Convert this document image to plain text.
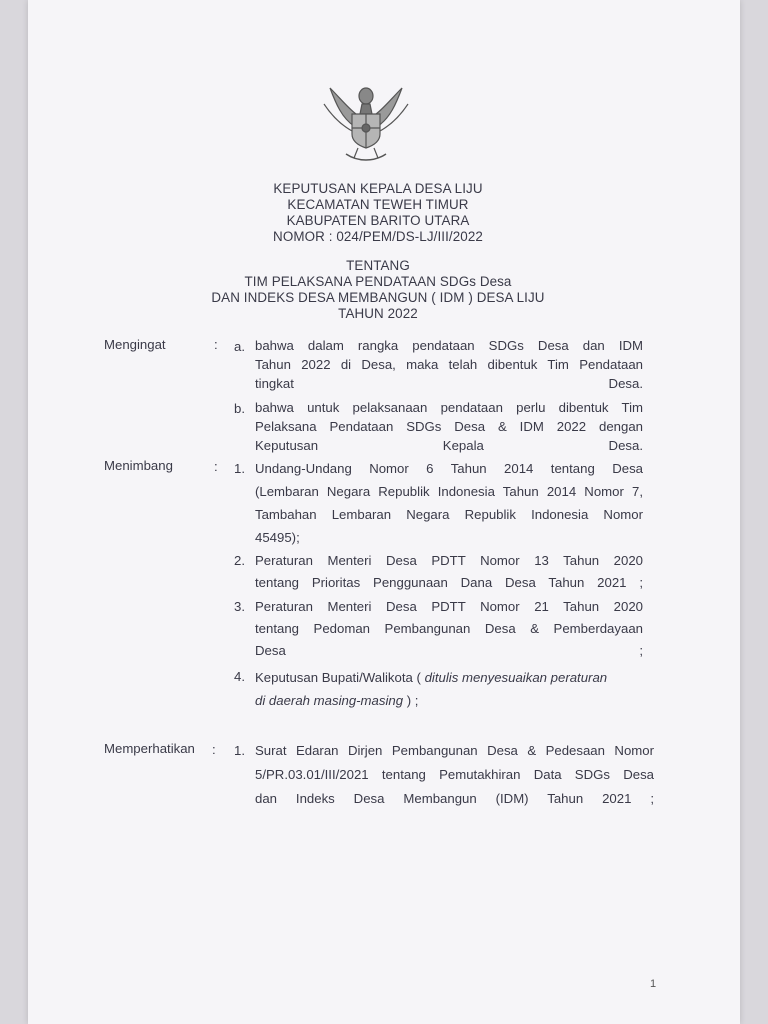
KEPUTUSAN KEPALA DESA LIJU
KECAMATAN TEWEH TIMUR
KABUPATEN BARITO UTARA
NOMOR : 024/PEM/DS-LJ/III/2022
TENTANG
TIM PELAKSANA PENDATAAN SDGs Desa
DAN INDEKS DESA MEMBANGUN ( IDM ) DESA LIJU
TAHUN 2022
Mengingat	: a. bahwa dalam rangka pendataan SDGs Desa dan IDM
Tahun 2022 di Desa, maka telah dibentuk Tim Pendataan
tingkat Desa.
b. bahwa untuk pelaksanaan pendataan perlu dibentuk Tim
Pelaksana Pendataan SDGs Desa & IDM 2022 dengan
Keputusan Kepala Desa.
Menimbang	: 1. Undang-Undang Nomor 6 Tahun 2014 tentang Desa
(Lembaran Negara Republik Indonesia Tahun 2014 Nomor 7,
Tambahan Lembaran Negara Republik Indonesia Nomor
45495);
2. Peraturan Menteri Desa PDTT Nomor 13 Tahun 2020
tentang Prioritas Penggunaan Dana Desa Tahun 2021 ;
3. Peraturan Menteri Desa PDTT Nomor 21 Tahun 2020
tentang Pedoman Pembangunan Desa & Pemberdayaan
Desa ;
4. Keputusan Bupati/Walikota ( ditulis menyesuaikan peraturan
di daerah masing-masing ) ;
Memperhatikan : 1. Surat Edaran Dirjen Pembangunan Desa & Pedesaan Nomor
5/PR.03.01/III/2021 tentang Pemutakhiran Data SDGs Desa
dan Indeks Desa Membangun (IDM) Tahun 2021 ;
1
